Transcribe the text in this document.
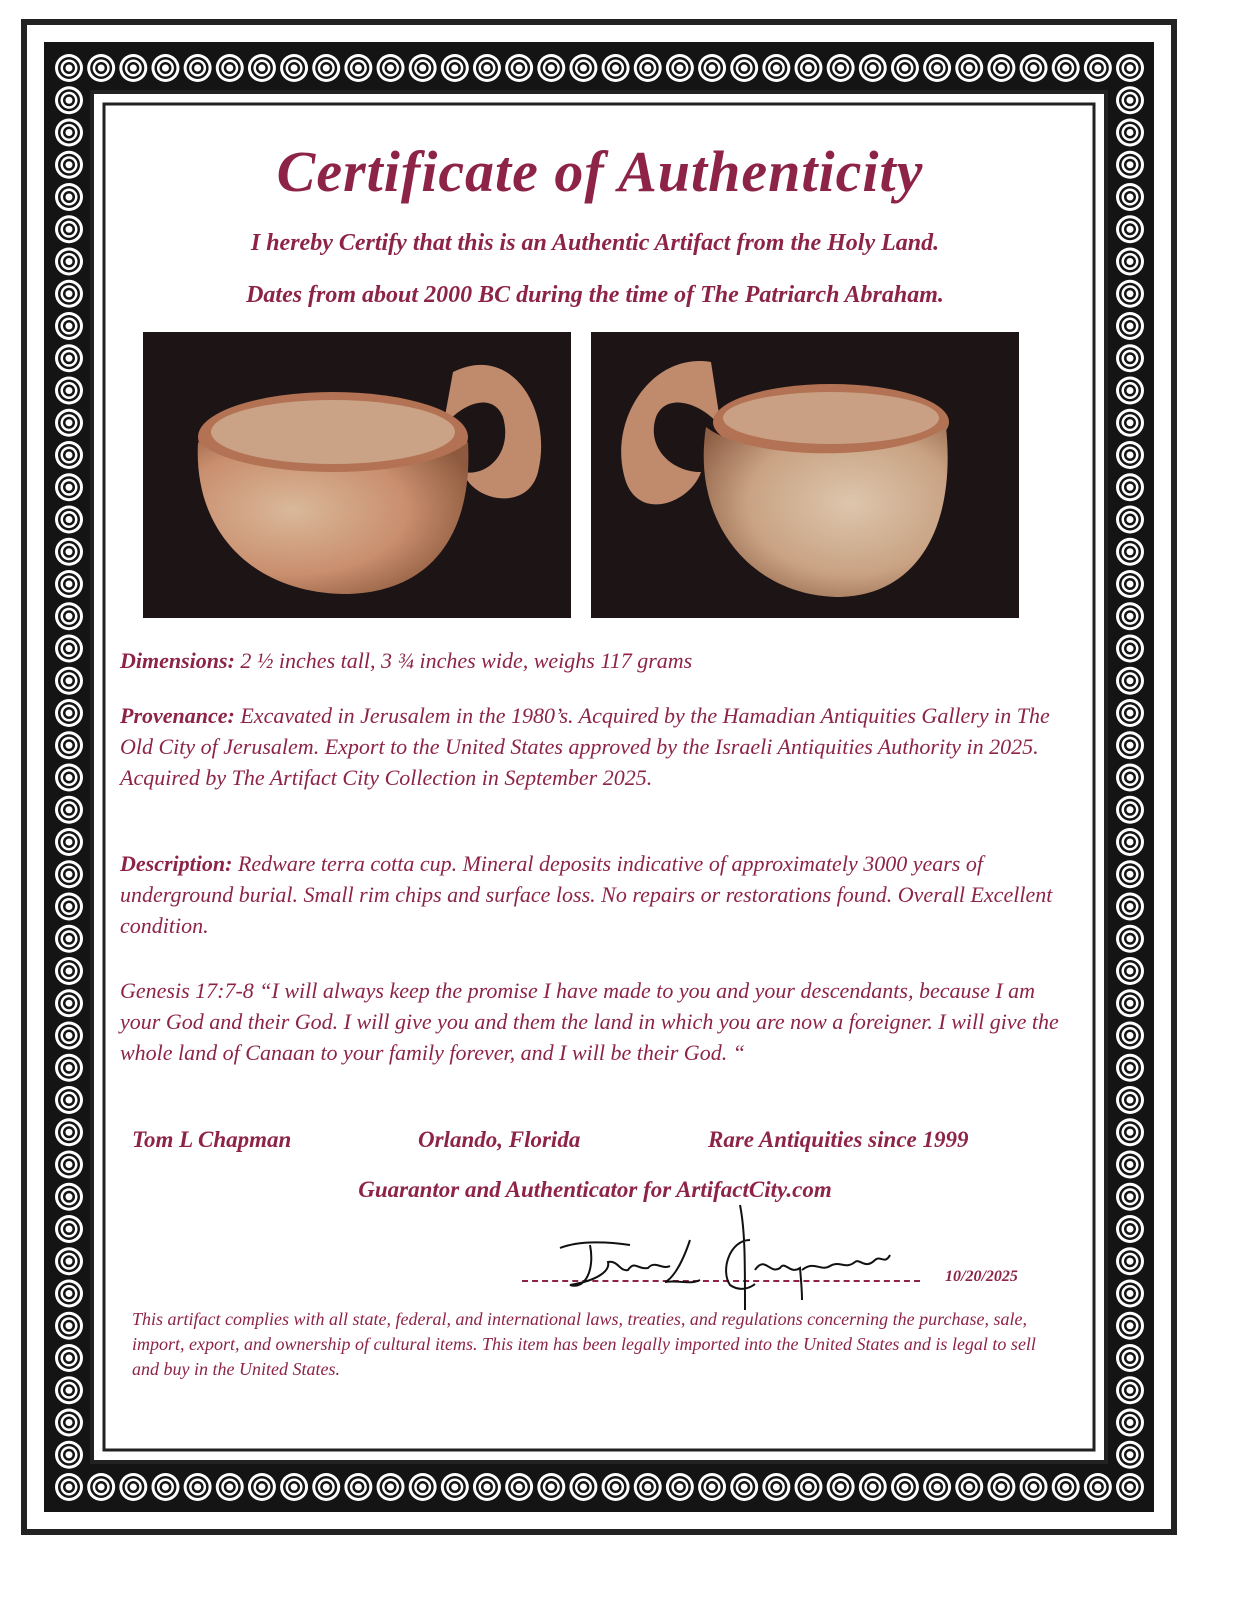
Certificate of Authenticity
I hereby Certify that this is an Authentic Artifact from the Holy Land.
Dates from about 2000 BC during the time of The Patriarch Abraham.
Dimensions: 2 ½ inches tall, 3 ¾ inches wide, weighs 117 grams
Provenance: Excavated in Jerusalem in the 1980’s. Acquired by the Hamadian Antiquities Gallery in The Old City of Jerusalem. Export to the United States approved by the Israeli Antiquities Authority in 2025. Acquired by The Artifact City Collection in September 2025.
Description: Redware terra cotta cup. Mineral deposits indicative of approximately 3000 years of underground burial. Small rim chips and surface loss. No repairs or restorations found. Overall Excellent condition.
Genesis 17:7-8 “I will always keep the promise I have made to you and your descendants, because I am your God and their God. I will give you and them the land in which you are now a foreigner. I will give the whole land of Canaan to your family forever, and I will be their God. “
Tom L Chapman	Orlando, Florida	Rare Antiquities since 1999
Guarantor and Authenticator for ArtifactCity.com
10/20/2025
This artifact complies with all state, federal, and international laws, treaties, and regulations concerning the purchase, sale, import, export, and ownership of cultural items. This item has been legally imported into the United States and is legal to sell and buy in the United States.
